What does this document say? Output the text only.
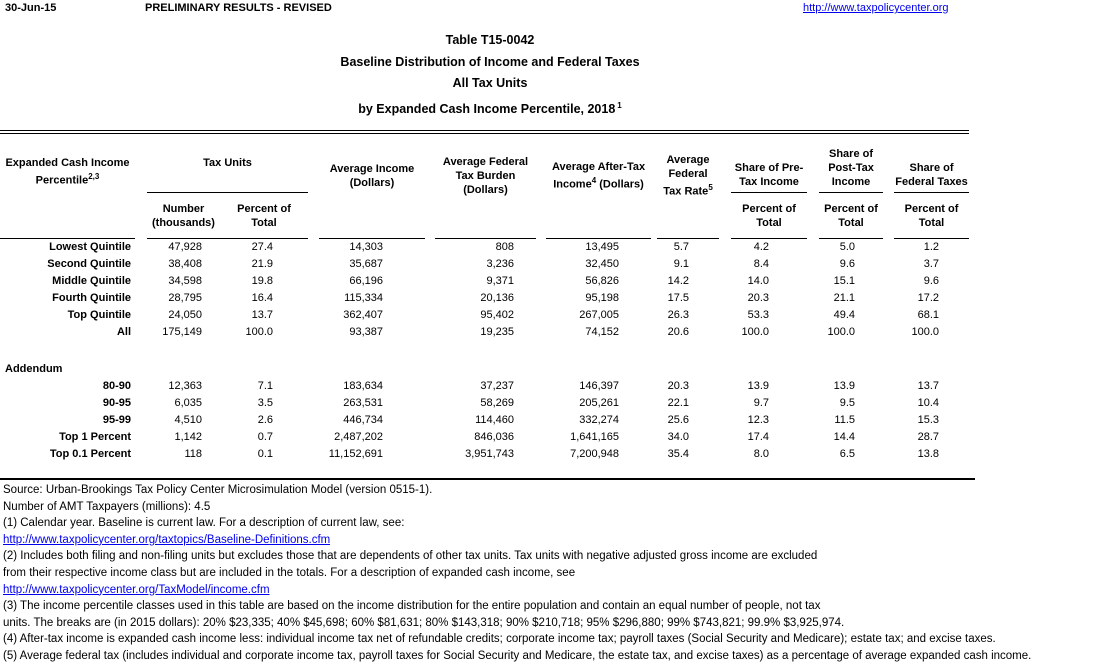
30-Jun-15	PRELIMINARY RESULTS - REVISED	http://www.taxpolicycenter.org
Table T15-0042
Baseline Distribution of Income and Federal Taxes
All Tax Units
by Expanded Cash Income Percentile, 2018 $^1$
Expanded Cash Income Percentile$^{2,3}$		Tax Units			Average Income (Dollars)		Average Federal Tax Burden (Dollars)		Average After-Tax Income$^4$ (Dollars)		Average Federal Tax Rate$^5$		Share of Pre-Tax Income		Share of Post-Tax Income		Share of Federal Taxes
		Number (thousands)	Percent of Total										Percent of Total		Percent of Total		Percent of Total
Lowest Quintile		47,928	27.4		14,303		808		13,495		5.7		4.2		5.0		1.2
Second Quintile		38,408	21.9		35,687		3,236		32,450		9.1		8.4		9.6		3.7
Middle Quintile		34,598	19.8		66,196		9,371		56,826		14.2		14.0		15.1		9.6
Fourth Quintile		28,795	16.4		115,334		20,136		95,198		17.5		20.3		21.1		17.2
Top Quintile		24,050	13.7		362,407		95,402		267,005		26.3		53.3		49.4		68.1
All		175,149	100.0		93,387		19,235		74,152		20.6		100.0		100.0		100.0

Addendum																	
80-90		12,363	7.1		183,634		37,237		146,397		20.3		13.9		13.9		13.7
90-95		6,035	3.5		263,531		58,269		205,261		22.1		9.7		9.5		10.4
95-99		4,510	2.6		446,734		114,460		332,274		25.6		12.3		11.5		15.3
Top 1 Percent		1,142	0.7		2,487,202		846,036		1,641,165		34.0		17.4		14.4		28.7
Top 0.1 Percent		118	0.1		11,152,691		3,951,743		7,200,948		35.4		8.0		6.5		13.8
Source: Urban-Brookings Tax Policy Center Microsimulation Model (version 0515-1).
Number of AMT Taxpayers (millions): 4.5
(1) Calendar year. Baseline is current law. For a description of current law, see:
http://www.taxpolicycenter.org/taxtopics/Baseline-Definitions.cfm
(2) Includes both filing and non-filing units but excludes those that are dependents of other tax units. Tax units with negative adjusted gross income are excluded
from their respective income class but are included in the totals. For a description of expanded cash income, see
http://www.taxpolicycenter.org/TaxModel/income.cfm
(3) The income percentile classes used in this table are based on the income distribution for the entire population and contain an equal number of people, not tax
units. The breaks are (in 2015 dollars): 20% $23,335; 40% $45,698; 60% $81,631; 80% $143,318; 90% $210,718; 95% $296,880; 99% $743,821; 99.9% $3,925,974.
(4) After-tax income is expanded cash income less: individual income tax net of refundable credits; corporate income tax; payroll taxes (Social Security and Medicare); estate tax; and excise taxes.
(5) Average federal tax (includes individual and corporate income tax, payroll taxes for Social Security and Medicare, the estate tax, and excise taxes) as a percentage of average expanded cash income.
